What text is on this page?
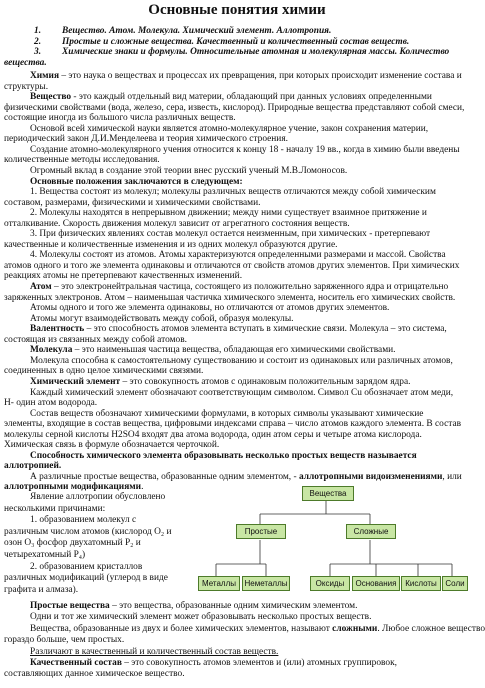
Основные понятия химии
1. Вещество. Атом. Молекула. Химический элемент. Аллотропия.
2. Простые и сложные вещества. Качественный и количественный состав веществ.
3. Химические знаки и формулы. Относительные атомная и молекулярная массы. Количество
вещества.
Химия – это наука о веществах и процессах их превращения, при которых происходит изменение состава и
структуры.
Вещество - это каждый отдельный вид материи, обладающий при данных условиях определенными
физическими свойствами (вода, железо, сера, известь, кислород). Природные вещества представляют собой смеси,
состоящие иногда из большого числа различных веществ.
Основой всей химической науки является атомно-молекулярное учение, закон сохранения материи,
периодический закон Д.И.Менделеева и теория химического строения.
Создание атомно-молекулярного учения относится к концу 18 - началу 19 вв., когда в химию были введены
количественные методы исследования.
Огромный вклад в создание этой теории внес русский ученый М.В.Ломоносов.
Основные положения заключаются в следующем:
1. Вещества состоят из молекул; молекулы различных веществ отличаются между собой химическим
составом, размерами, физическими и химическими свойствами.
2. Молекулы находятся в непрерывном движении; между ними существует взаимное притяжение и
отталкивание. Скорость движения молекул зависит от агрегатного состояния веществ.
3. При физических явлениях состав молекул остается неизменным, при химических - претерпевают
качественные и количественные изменения и из одних молекул образуются другие.
4. Молекулы состоят из атомов. Атомы характеризуются определенными размерами и массой. Свойства
атомов одного и того же элемента одинаковы и отличаются от свойств атомов других элементов. При химических
реакциях атомы не претерпевают качественных изменений.
Атом – это электронейтральная частица, состоящего из положительно заряженного ядра и отрицательно
заряженных электронов. Атом – наименьшая частичка химического элемента, носитель его химических свойств.
Атомы одного и того же элемента одинаковы, но отличаются от атомов других элементов.
Атомы могут взаимодействовать между собой, образуя молекулы.
Валентность – это способность атомов элемента вступать в химические связи. Молекула – это система,
состоящая из связанных между собой атомов.
Молекула – это наименьшая частица вещества, обладающая его химическими свойствами.
Молекула способна к самостоятельному существованию и состоит из одинаковых или различных атомов,
соединенных в одно целое химическими связями.
Химический элемент – это совокупность атомов с одинаковым положительным зарядом ядра.
Каждый химический элемент обозначают соответствующим символом. Символ Cu обозначает атом меди,
H- один атом водорода.
Состав веществ обозначают химическими формулами, в которых символы указывают химические
элементы, входящие в состав вещества, цифровыми индексами справа – число атомов каждого элемента. В состав
молекулы серной кислоты H2SO4 входят два атома водорода, один атом серы и четыре атома кислорода.
Химическая связь в формуле обозначается черточкой.
Способность химического элемента образовывать несколько простых веществ называется
аллотропией.
А различные простые вещества, образованные одним элементом, - аллотропными видоизменениями, или
аллотропными модификациями.
Явление аллотропии обусловлено
несколькими причинами:
1. образованием молекул с
различным числом атомов (кислород O₂ и
озон O₃ фосфор двухатомный P₂ и
четырехатомный P₄)
2. образованием кристаллов
различных модификаций (углерод в виде
графита и алмаза).
Простые вещества – это вещества, образованные одним химическим элементом.
Одни и тот же химический элемент может образовывать несколько простых веществ.
Вещества, образованные из двух и более химических элементов, называют сложными. Любое сложное вещество
гораздо больше, чем простых.
Различают в качественный и количественный состав веществ.
Качественный состав – это совокупность атомов элементов и (или) атомных группировок,
составляющих данное химическое вещество.
Вещества
Простые	Сложные
Металлы	Неметаллы	Оксиды	Основания	Кислоты	Соли
